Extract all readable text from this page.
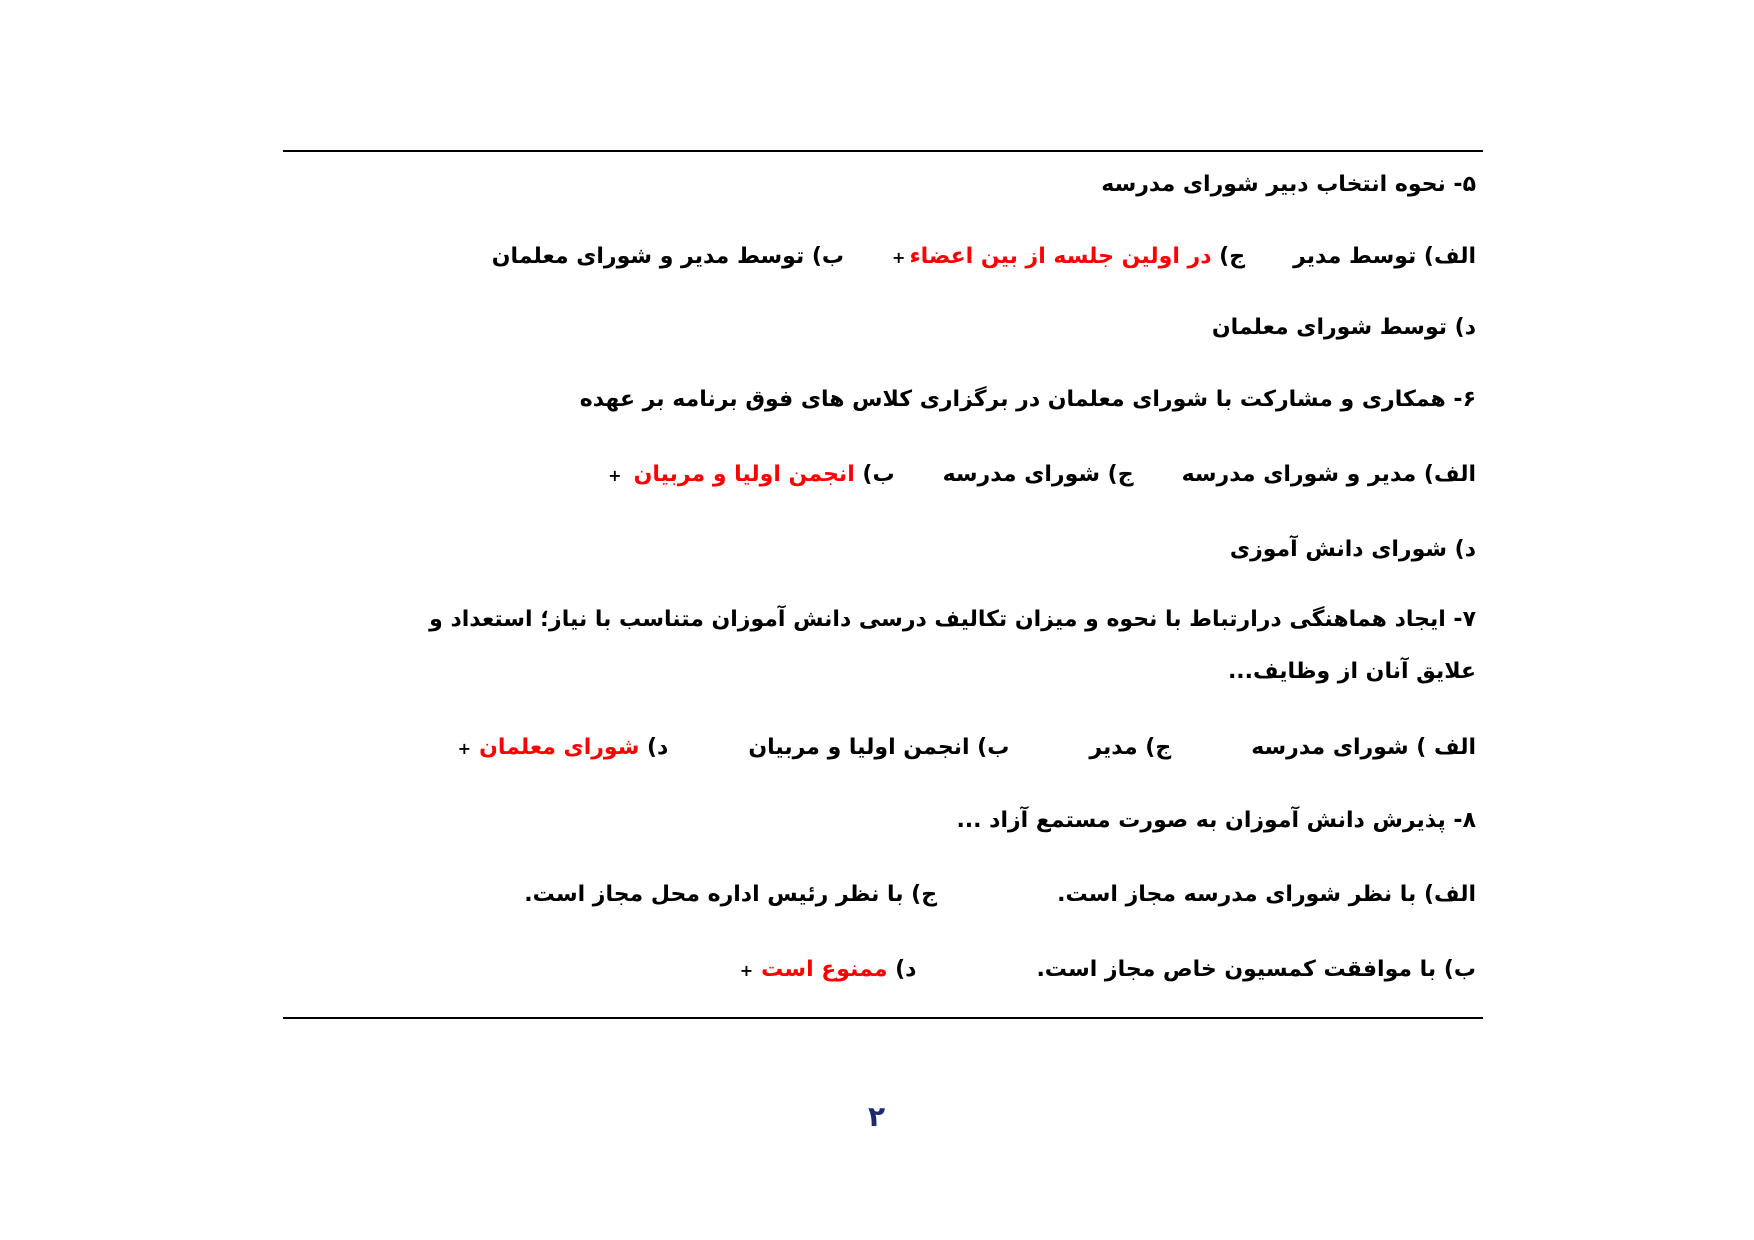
۵- نحوه انتخاب دبیر شورای مدرسه
الف) توسط مدیرج) در اولین جلسه از بین اعضاء+ب) توسط مدیر و شورای معلمان
د) توسط شورای معلمان
۶- همکاری و مشارکت با شورای معلمان در برگزاری کلاس های فوق برنامه بر عهده
الف) مدیر و شورای مدرسهج) شورای مدرسهب) انجمن اولیا و مربیان+
د) شورای دانش آموزی
۷- ایجاد هماهنگی درارتباط با نحوه و میزان تکالیف درسی دانش آموزان متناسب با نیاز؛ استعداد و علایق آنان از وظایف...
الف ) شورای مدرسهج) مدیرب) انجمن اولیا و مربیاند) شورای معلمان+
۸- پذیرش دانش آموزان به صورت مستمع آزاد ...
الف) با نظر شورای مدرسه مجاز است.ج) با نظر رئیس اداره محل مجاز است.
ب) با موافقت کمسیون خاص مجاز است.د) ممنوع است+
۲
